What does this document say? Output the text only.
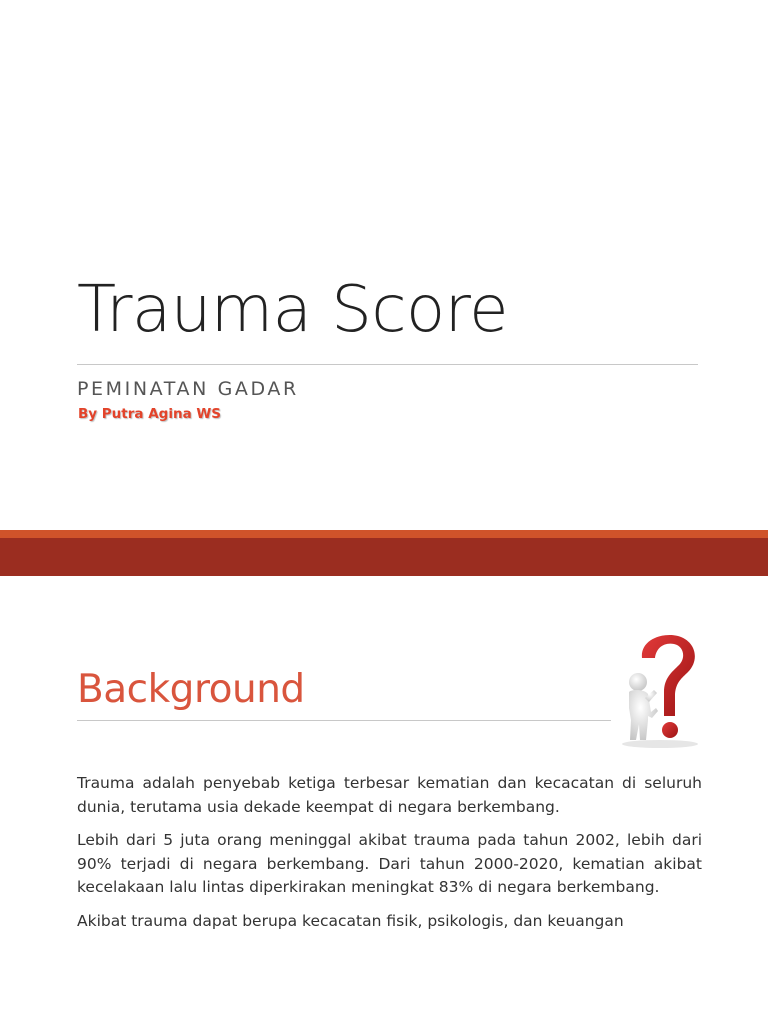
Trauma Score
PEMINATAN GADAR
By Putra Agina WS
Background

Trauma adalah penyebab ketiga terbesar kematian dan kecacatan di seluruh dunia, terutama usia dekade keempat di negara berkembang.

Lebih dari 5 juta orang meninggal akibat trauma pada tahun 2002, lebih dari 90% terjadi di negara berkembang. Dari tahun 2000-2020, kematian akibat kecelakaan lalu lintas diperkirakan meningkat 83% di negara berkembang.

Akibat trauma dapat berupa kecacatan fisik, psikologis, dan keuangan
